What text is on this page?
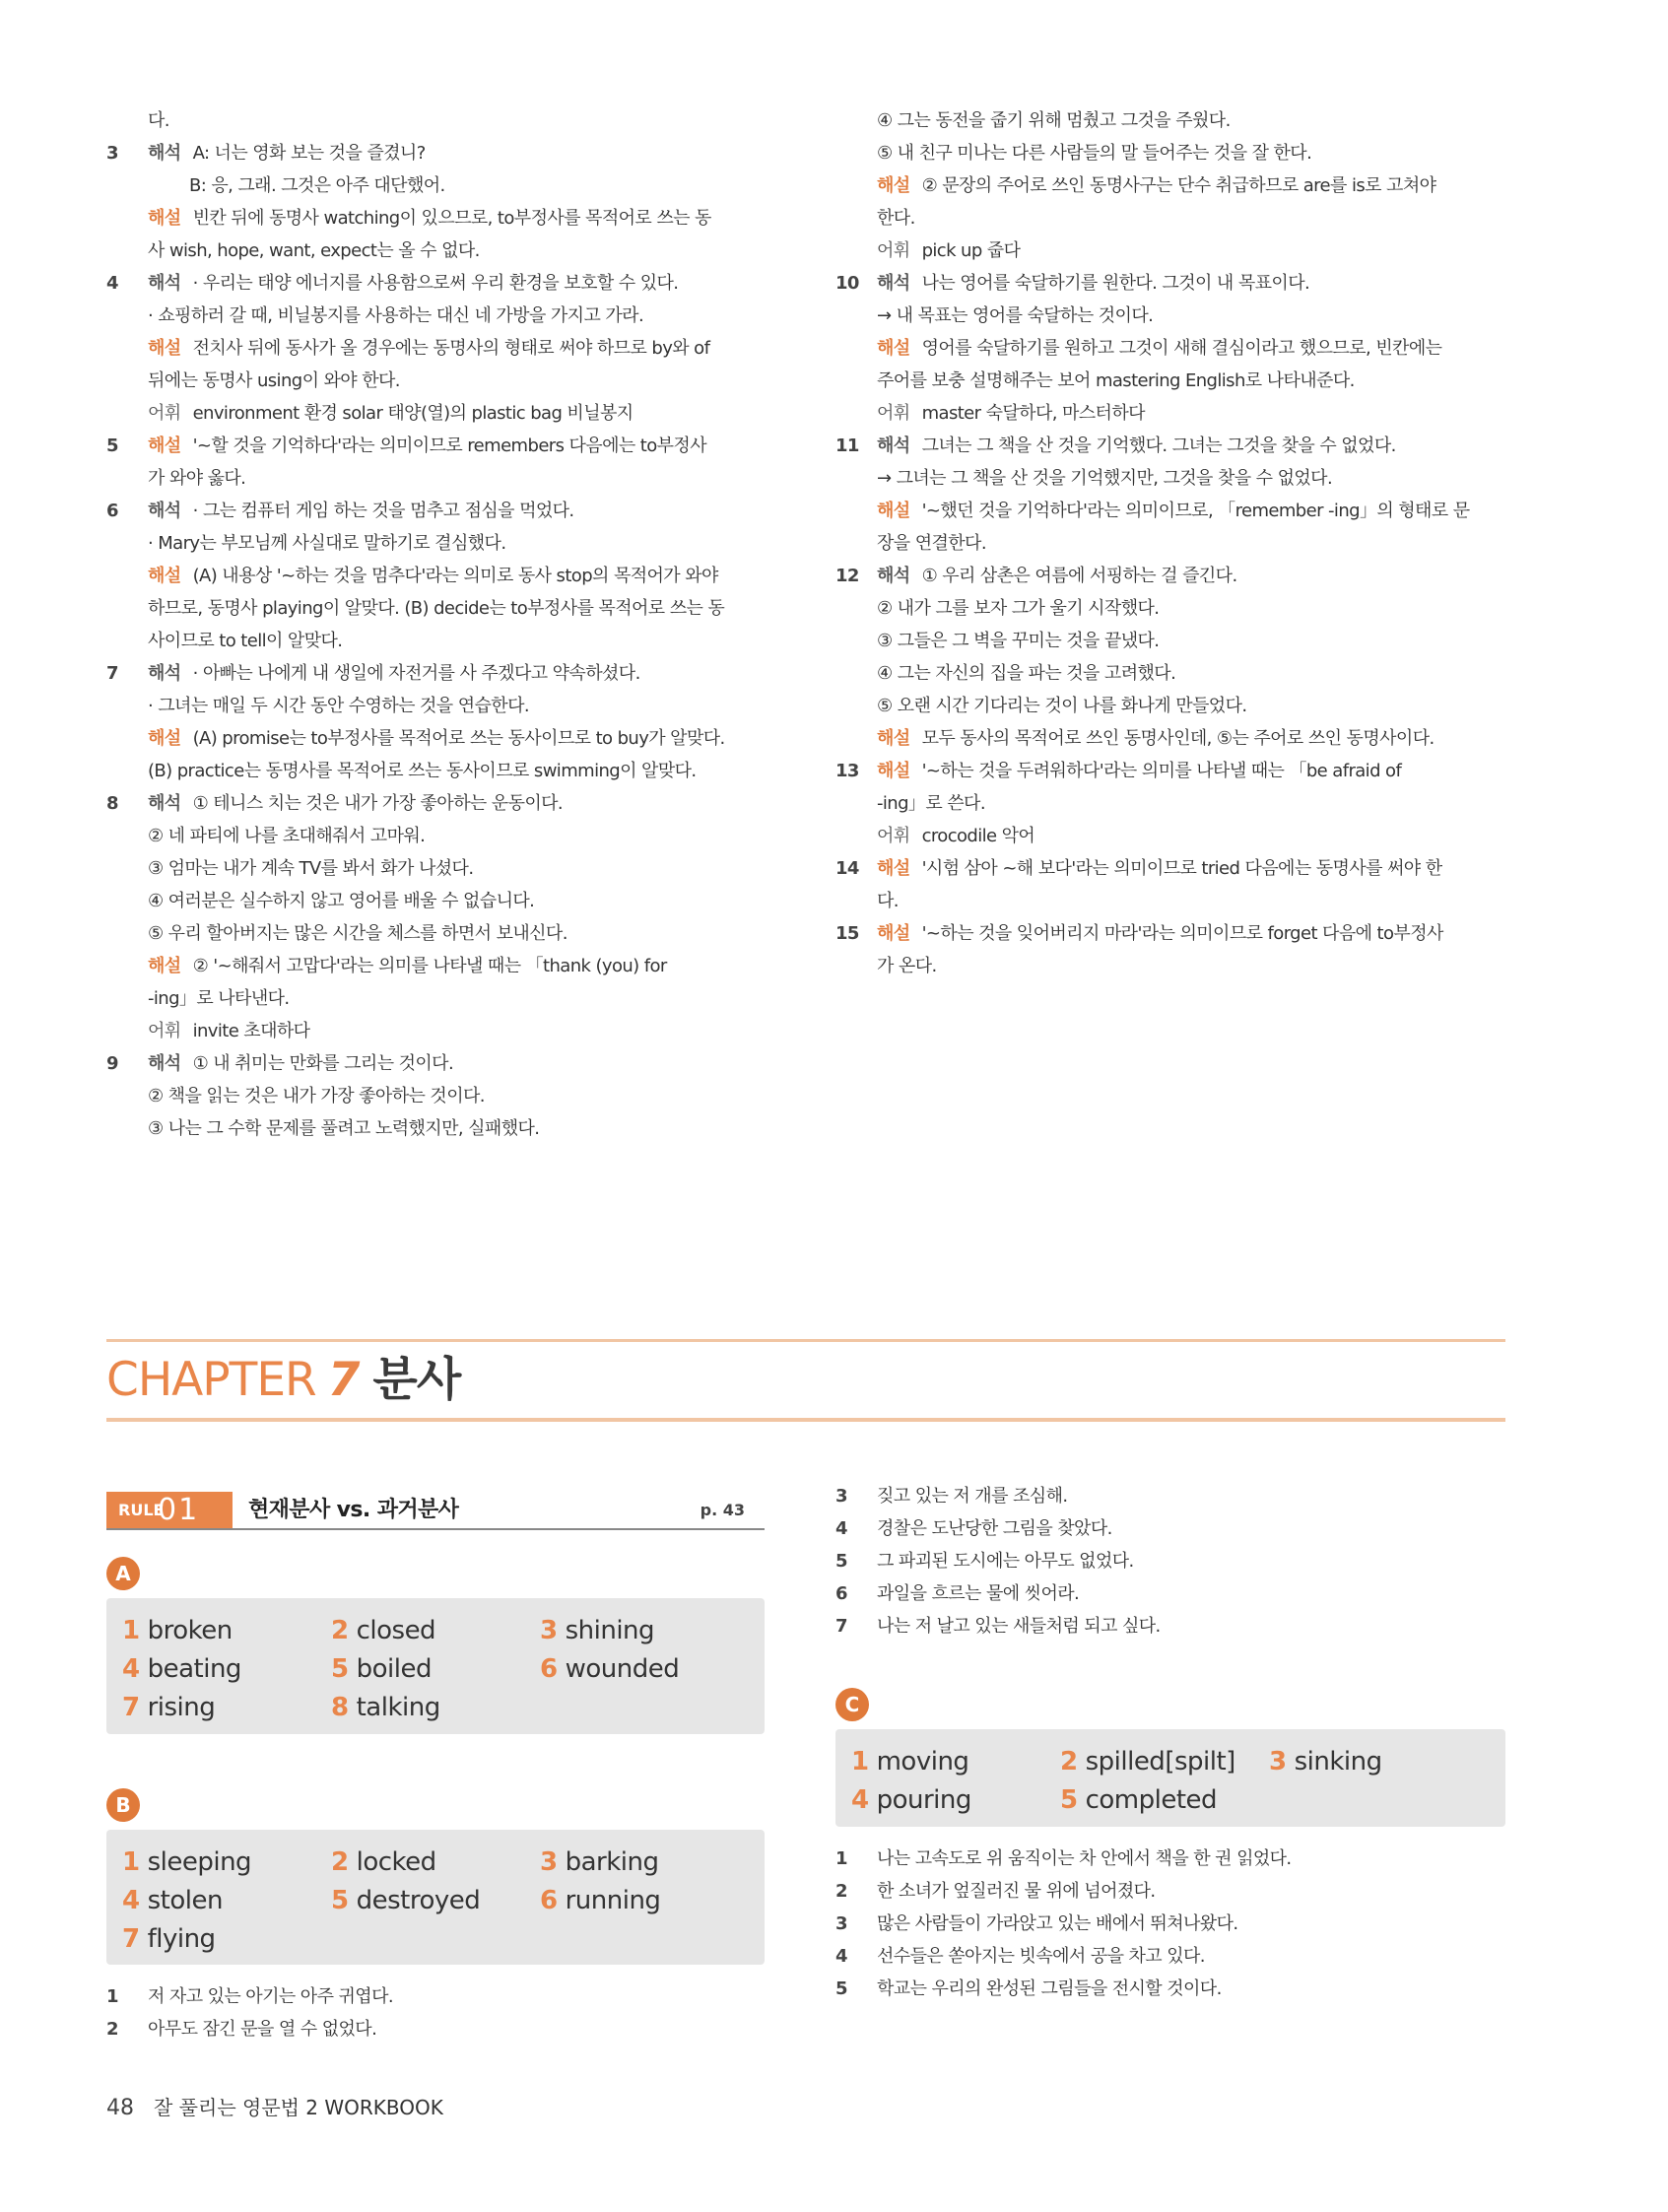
다.
3 해석 A: 너는 영화 보는 것을 즐겼니?
B: 응, 그래. 그것은 아주 대단했어.
해설 빈칸 뒤에 동명사 watching이 있으므로, to부정사를 목적어로 쓰는 동
사 wish, hope, want, expect는 올 수 없다.
4 해석 · 우리는 태양 에너지를 사용함으로써 우리 환경을 보호할 수 있다.
· 쇼핑하러 갈 때, 비닐봉지를 사용하는 대신 네 가방을 가지고 가라.
해설 전치사 뒤에 동사가 올 경우에는 동명사의 형태로 써야 하므로 by와 of
뒤에는 동명사 using이 와야 한다.
어휘 environment 환경 solar 태양(열)의 plastic bag 비닐봉지
5 해설 '~할 것을 기억하다'라는 의미이므로 remembers 다음에는 to부정사
가 와야 옳다.
6 해석 · 그는 컴퓨터 게임 하는 것을 멈추고 점심을 먹었다.
· Mary는 부모님께 사실대로 말하기로 결심했다.
해설 (A) 내용상 '~하는 것을 멈추다'라는 의미로 동사 stop의 목적어가 와야
하므로, 동명사 playing이 알맞다. (B) decide는 to부정사를 목적어로 쓰는 동
사이므로 to tell이 알맞다.
7 해석 · 아빠는 나에게 내 생일에 자전거를 사 주겠다고 약속하셨다.
· 그녀는 매일 두 시간 동안 수영하는 것을 연습한다.
해설 (A) promise는 to부정사를 목적어로 쓰는 동사이므로 to buy가 알맞다.
(B) practice는 동명사를 목적어로 쓰는 동사이므로 swimming이 알맞다.
8 해석 ① 테니스 치는 것은 내가 가장 좋아하는 운동이다.
② 네 파티에 나를 초대해줘서 고마워.
③ 엄마는 내가 계속 TV를 봐서 화가 나셨다.
④ 여러분은 실수하지 않고 영어를 배울 수 없습니다.
⑤ 우리 할아버지는 많은 시간을 체스를 하면서 보내신다.
해설 ② '~해줘서 고맙다'라는 의미를 나타낼 때는 「thank (you) for
-ing」로 나타낸다.
어휘 invite 초대하다
9 해석 ① 내 취미는 만화를 그리는 것이다.
② 책을 읽는 것은 내가 가장 좋아하는 것이다.
③ 나는 그 수학 문제를 풀려고 노력했지만, 실패했다.
④ 그는 동전을 줍기 위해 멈췄고 그것을 주웠다.
⑤ 내 친구 미나는 다른 사람들의 말 들어주는 것을 잘 한다.
해설 ② 문장의 주어로 쓰인 동명사구는 단수 취급하므로 are를 is로 고쳐야
한다.
어휘 pick up 줍다
10 해석 나는 영어를 숙달하기를 원한다. 그것이 내 목표이다.
→ 내 목표는 영어를 숙달하는 것이다.
해설 영어를 숙달하기를 원하고 그것이 새해 결심이라고 했으므로, 빈칸에는
주어를 보충 설명해주는 보어 mastering English로 나타내준다.
어휘 master 숙달하다, 마스터하다
11 해석 그녀는 그 책을 산 것을 기억했다. 그녀는 그것을 찾을 수 없었다.
→ 그녀는 그 책을 산 것을 기억했지만, 그것을 찾을 수 없었다.
해설 '~했던 것을 기억하다'라는 의미이므로, 「remember -ing」의 형태로 문
장을 연결한다.
12 해석 ① 우리 삼촌은 여름에 서핑하는 걸 즐긴다.
② 내가 그를 보자 그가 울기 시작했다.
③ 그들은 그 벽을 꾸미는 것을 끝냈다.
④ 그는 자신의 집을 파는 것을 고려했다.
⑤ 오랜 시간 기다리는 것이 나를 화나게 만들었다.
해설 모두 동사의 목적어로 쓰인 동명사인데, ⑤는 주어로 쓰인 동명사이다.
13 해설 '~하는 것을 두려워하다'라는 의미를 나타낼 때는 「be afraid of
-ing」로 쓴다.
어휘 crocodile 악어
14 해설 '시험 삼아 ~해 보다'라는 의미이므로 tried 다음에는 동명사를 써야 한
다.
15 해설 '~하는 것을 잊어버리지 마라'라는 의미이므로 forget 다음에 to부정사
가 온다.
CHAPTER 7 분사
RULE
01 현재분사 vs. 과거분사	p. 43
A
1 broken	2 closed	3 shining
4 beating	5 boiled	6 wounded
7 rising	8 talking
B
1 sleeping	2 locked	3 barking
4 stolen	5 destroyed 6 running
7 flying
1 저 자고 있는 아기는 아주 귀엽다.
2 아무도 잠긴 문을 열 수 없었다.
3 짖고 있는 저 개를 조심해.
4 경찰은 도난당한 그림을 찾았다.
5 그 파괴된 도시에는 아무도 없었다.
6 과일을 흐르는 물에 씻어라.
7 나는 저 날고 있는 새들처럼 되고 싶다.
C
1 moving	2 spilled[spilt] 3 sinking
4 pouring	5 completed
1 나는 고속도로 위 움직이는 차 안에서 책을 한 권 읽었다.
2 한 소녀가 엎질러진 물 위에 넘어졌다.
3 많은 사람들이 가라앉고 있는 배에서 뛰쳐나왔다.
4 선수들은 쏟아지는 빗속에서 공을 차고 있다.
5 학교는 우리의 완성된 그림들을 전시할 것이다.
48 잘 풀리는 영문법 2 WORKBOOK
